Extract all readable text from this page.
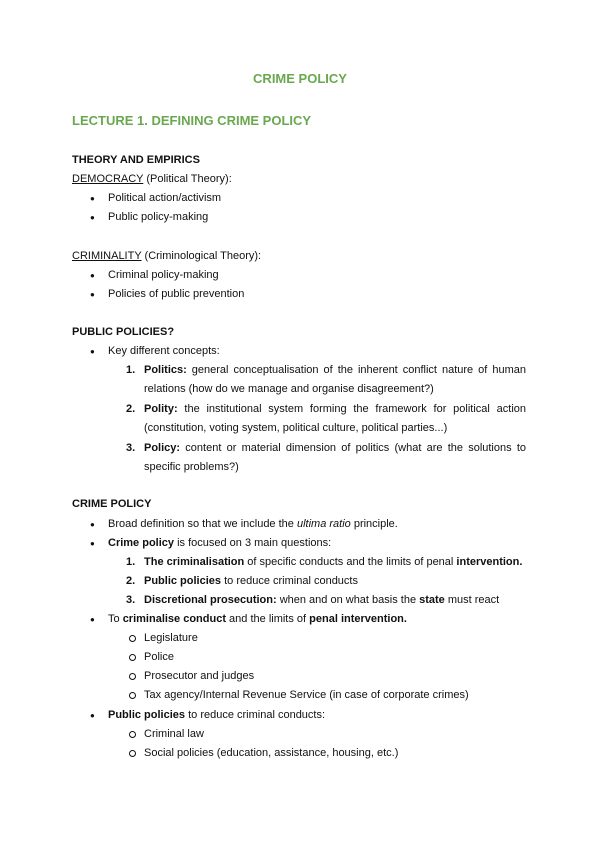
CRIME POLICY
LECTURE 1. DEFINING CRIME POLICY
THEORY AND EMPIRICS
DEMOCRACY (Political Theory):
● Political action/activism
● Public policy-making
CRIMINALITY (Criminological Theory):
● Criminal policy-making
● Policies of public prevention
PUBLIC POLICIES?
● Key different concepts:
1. Politics: general conceptualisation of the inherent conflict nature of human relations (how do we manage and organise disagreement?)
2. Polity: the institutional system forming the framework for political action (constitution, voting system, political culture, political parties...)
3. Policy: content or material dimension of politics (what are the solutions to specific problems?)
CRIME POLICY
● Broad definition so that we include the ultima ratio principle.
● Crime policy is focused on 3 main questions:
1. The criminalisation of specific conducts and the limits of penal intervention.
2. Public policies to reduce criminal conducts
3. Discretional prosecution: when and on what basis the state must react
● To criminalise conduct and the limits of penal intervention.
Legislature
Police
Prosecutor and judges
Tax agency/Internal Revenue Service (in case of corporate crimes)
● Public policies to reduce criminal conducts:
Criminal law
Social policies (education, assistance, housing, etc.)
